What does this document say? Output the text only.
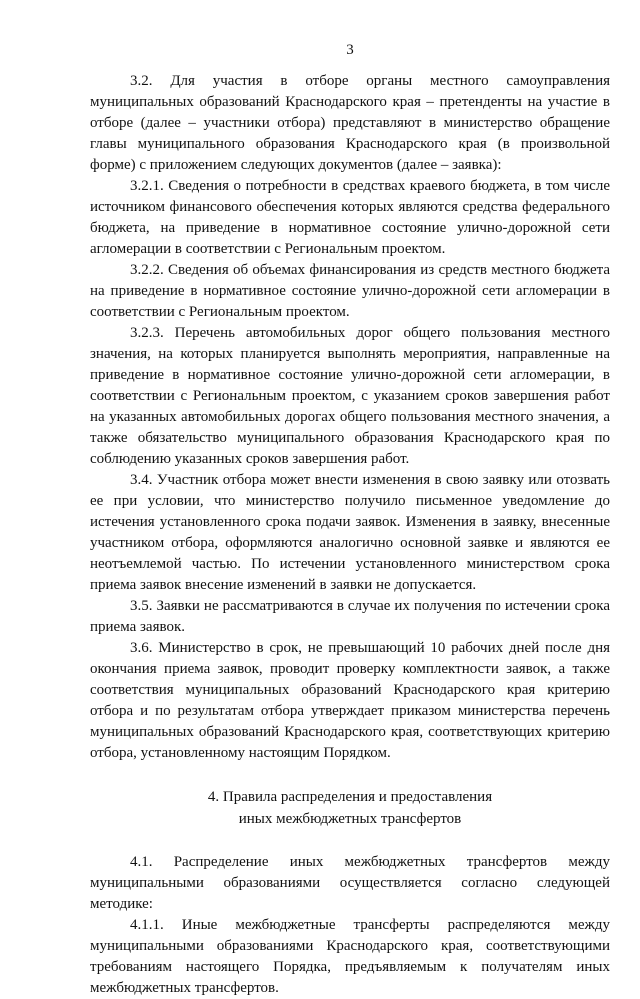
3

3.2. Для участия в отборе органы местного самоуправления муниципальных образований Краснодарского края – претенденты на участие в отборе (далее – участники отбора) представляют в министерство обращение главы муниципального образования Краснодарского края (в произвольной форме) с приложением следующих документов (далее – заявка):

3.2.1. Сведения о потребности в средствах краевого бюджета, в том числе источником финансового обеспечения которых являются средства федерального бюджета, на приведение в нормативное состояние улично-дорожной сети агломерации в соответствии с Региональным проектом.

3.2.2. Сведения об объемах финансирования из средств местного бюджета на приведение в нормативное состояние улично-дорожной сети агломерации в соответствии с Региональным проектом.

3.2.3. Перечень автомобильных дорог общего пользования местного значения, на которых планируется выполнять мероприятия, направленные на приведение в нормативное состояние улично-дорожной сети агломерации, в соответствии с Региональным проектом, с указанием сроков завершения работ на указанных автомобильных дорогах общего пользования местного значения, а также обязательство муниципального образования Краснодарского края по соблюдению указанных сроков завершения работ.

3.4. Участник отбора может внести изменения в свою заявку или отозвать ее при условии, что министерство получило письменное уведомление до истечения установленного срока подачи заявок. Изменения в заявку, внесенные участником отбора, оформляются аналогично основной заявке и являются ее неотъемлемой частью. По истечении установленного министерством срока приема заявок внесение изменений в заявки не допускается.

3.5. Заявки не рассматриваются в случае их получения по истечении срока приема заявок.

3.6. Министерство в срок, не превышающий 10 рабочих дней после дня окончания приема заявок, проводит проверку комплектности заявок, а также соответствия муниципальных образований Краснодарского края критерию отбора и по результатам отбора утверждает приказом министерства перечень муниципальных образований Краснодарского края, соответствующих критерию отбора, установленному настоящим Порядком.

4. Правила распределения и предоставления
иных межбюджетных трансфертов

4.1. Распределение иных межбюджетных трансфертов между муниципальными образованиями осуществляется согласно следующей методике:

4.1.1. Иные межбюджетные трансферты распределяются между муниципальными образованиями Краснодарского края, соответствующими требованиям настоящего Порядка, предъявляемым к получателям иных межбюджетных трансфертов.
